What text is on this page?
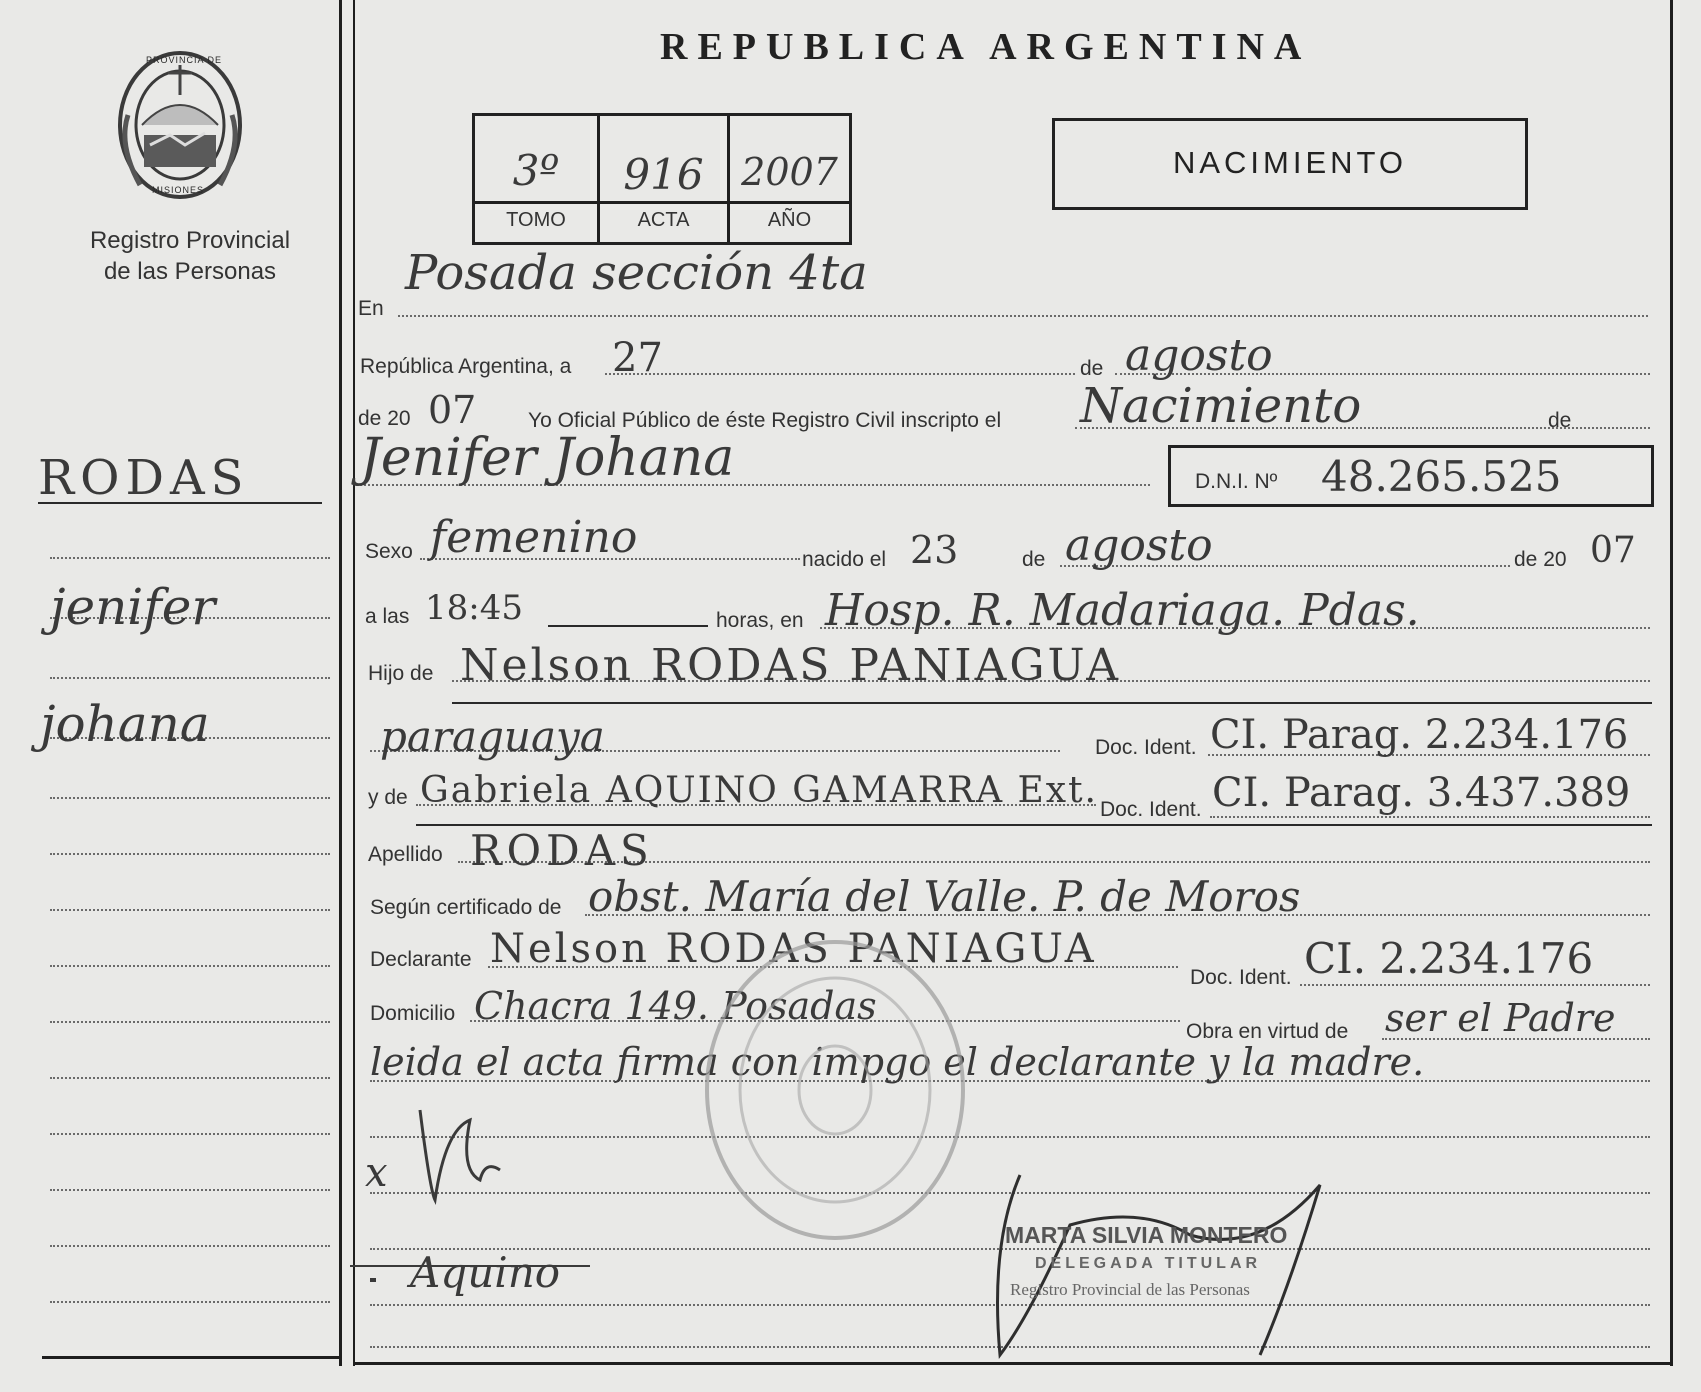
PROVINCIA DE
MISIONES
Registro Provincial
de las Personas
REPUBLICA ARGENTINA
3º	916 2007
TOMO	ACTA	AÑO
NACIMIENTO
RODAS
jenifer
johana
En
Posada sección 4ta
República Argentina, a 27	de agosto
de 20 07 Yo Oficial Público de éste Registro Civil inscripto el Nacimiento	de
Jenifer Johana	D.N.I. Nº 48.265.525
Sexo femenino	nacido el 23	de agosto	de 20 07
a las 18:45	horas, en Hosp. R. Madariaga. Pdas.
Hijo de Nelson RODAS PANIAGUA
paraguaya	Doc. Ident. CI. Parag. 2.234.176
y de Gabriela AQUINO GAMARRA Ext. Doc. Ident. CI. Parag. 3.437.389
Apellido RODAS
Según certificado de obst. María del Valle. P. de Moros
Declarante Nelson RODAS PANIAGUA
Doc. Ident. CI. 2.234.176
Domicilio Chacra 149. Posadas
Obra en virtud de ser el Padre
leida el acta firma con impgo el declarante y la madre.
x
Aquino
MARTA SILVIA MONTERO
DELEGADA TITULAR
Registro Provincial de las Personas
